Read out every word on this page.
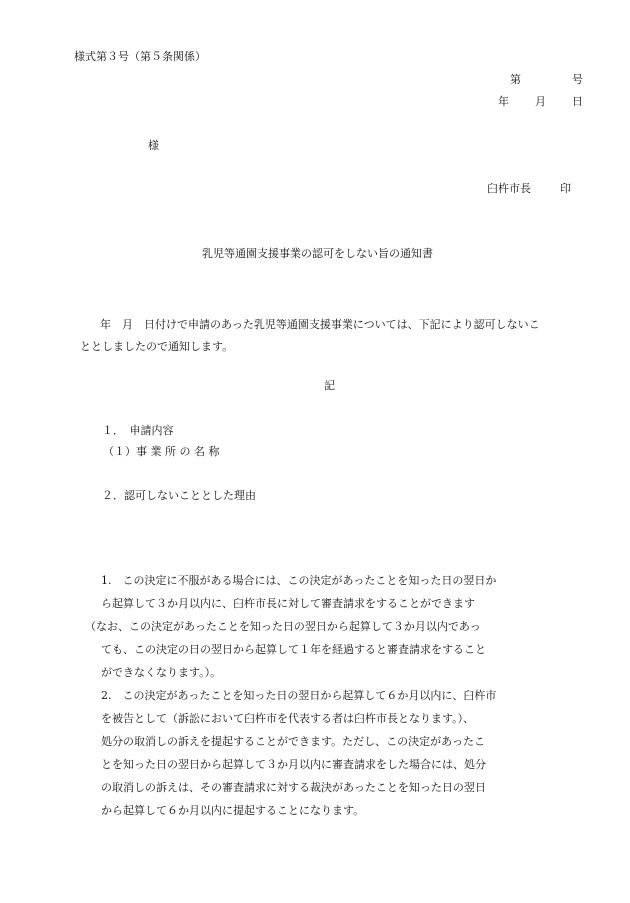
様式第３号（第５条関係）
第	号
年 月 日
様
臼杵市長	印
乳児等通園支援事業の認可をしない旨の通知書
年　月　日付けで申請のあった乳児等通園支援事業については、下記により認可しないこ
ととしましたので通知します。
記
１．　申請内容
（１）事 業 所 の 名 称
２．認可しないこととした理由
1.　この決定に不服がある場合には、この決定があったことを知った日の翌日か
ら起算して３か月以内に、臼杵市長に対して審査請求をすることができます
（なお、この決定があったことを知った日の翌日から起算して３か月以内であっ
ても、この決定の日の翌日から起算して１年を経過すると審査請求をすること
ができなくなります。）。
2.　この決定があったことを知った日の翌日から起算して６か月以内に、臼杵市
を被告として（訴訟において臼杵市を代表する者は臼杵市長となります。）、
処分の取消しの訴えを提起することができます。ただし、この決定があったこ
とを知った日の翌日から起算して３か月以内に審査請求をした場合には、処分
の取消しの訴えは、その審査請求に対する裁決があったことを知った日の翌日
から起算して６か月以内に提起することになります。
